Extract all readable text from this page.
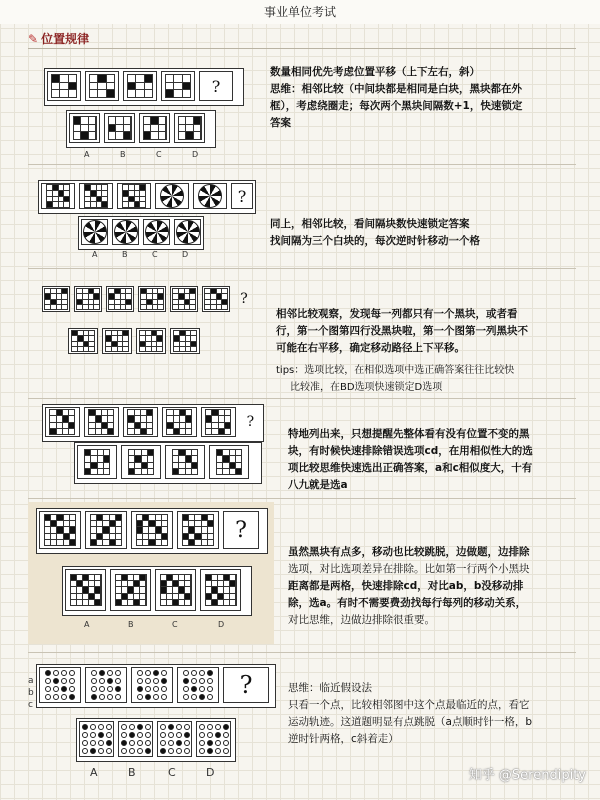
事业单位考试
✎ 位置规律
?
A	B	C	D
数量相同优先考虑位置平移（上下左右，斜）
思维：相邻比较（中间块都是相同是白块，黑块都在外
框），考虑绕圈走；每次两个黑块间隔数+1，快速锁定
答案
?
A	B	C	D
同上，相邻比较，看间隔块数快速锁定答案
找间隔为三个白块的，每次逆时针移动一个格
?
相邻比较观察，发现每一列都只有一个黑块，或者看
行，第一个图第四行没黑块啦，第一个图第一列黑块不
可能在右平移，确定移动路径上下平移。
tips：选项比较，在相似选项中选正确答案往往比较快
比较准，在BD选项快速锁定D选项
?
特地列出来，只想提醒先整体看有没有位置不变的黑
块，有时候快速排除错误选项cd，在用相似性大的选
项比较思维快速选出正确答案，a和c相似度大，十有
八九就是选a
?
A	B	C	D
虽然黑块有点多，移动也比较跳脱，边做题，边排除
选项，对比选项差异在排除。比如第一行两个小黑块
距离都是两格，快速排除cd，对比ab，b没移动排
除，选a。有时不需要费劲找每行每列的移动关系，
对比思维，边做边排除很重要。
?
a
b
c
A	B	C	D
思维：临近假设法
只看一个点，比较相邻图中这个点最临近的点，看它
运动轨迹。这道题明显有点跳脱（a点顺时针一格，b
逆时针两格，c斜着走）
知乎 @Serendipity
